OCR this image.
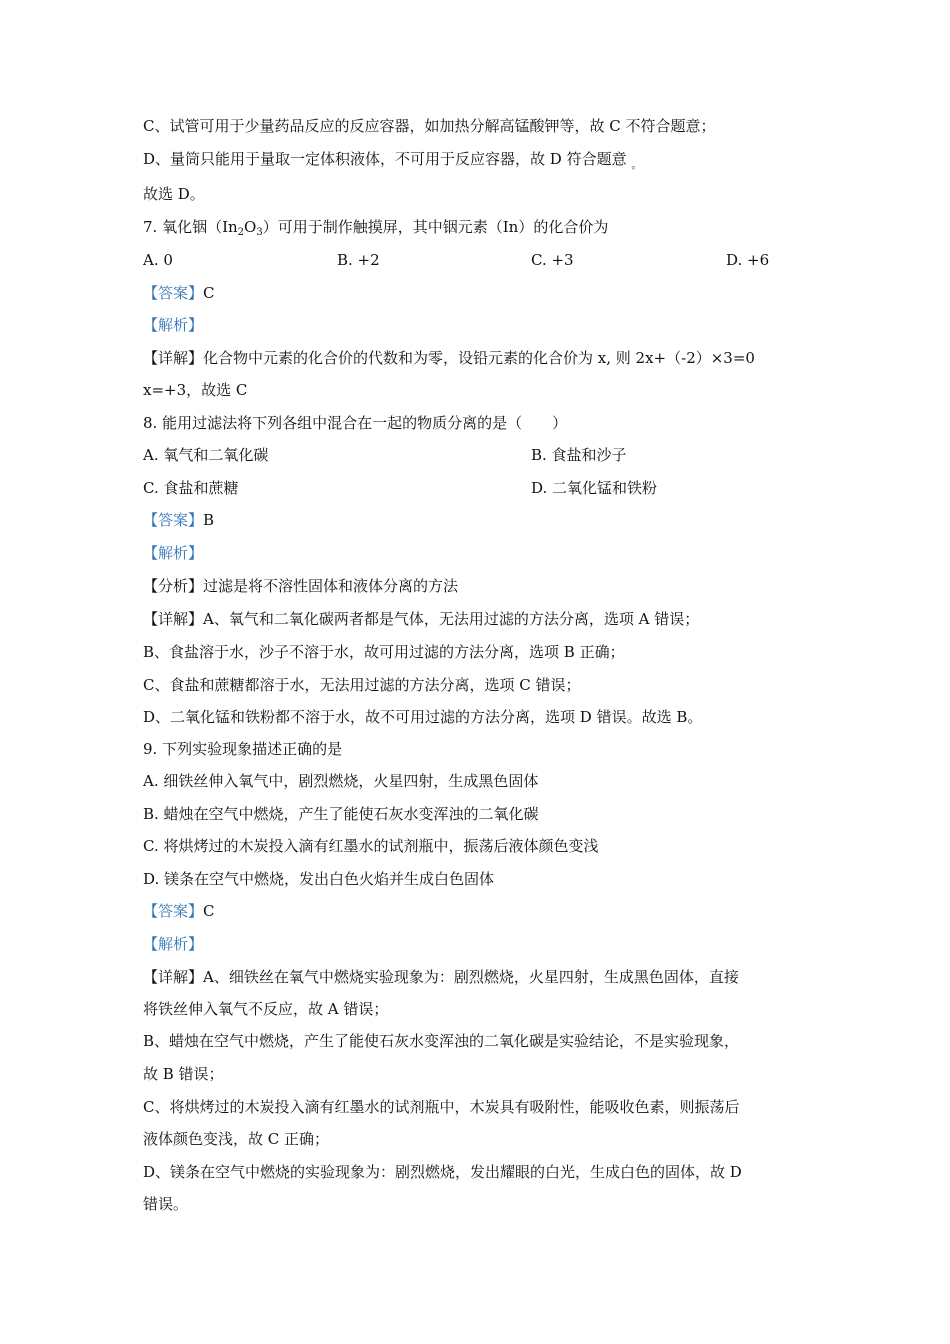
C、试管可用于少量药品反应的反应容器，如加热分解高锰酸钾等，故 C 不符合题意；
D、量筒只能用于量取一定体积液体，不可用于反应容器，故 D 符合题意 $_。$
故选 D。
7. 氧化铟$(In_2O_3)$可用于制作触摸屏，其中铟元素（In）的化合价为
A. 0	B. +2	C. +3	D. +6
【答案】C
【解析】
【详解】化合物中元素的化合价的代数和为零，设铅元素的化合价为 x, 则 2x+（-2）×3=0
x=+3，故选 C
8. 能用过滤法将下列各组中混合在一起的物质分离的是（　　）
A. 氧气和二氧化碳	B. 食盐和沙子
C. 食盐和蔗糖	D. 二氧化锰和铁粉
【答案】B
【解析】
【分析】过滤是将不溶性固体和液体分离的方法
【详解】A、氧气和二氧化碳两者都是气体，无法用过滤的方法分离，选项 A 错误；
B、食盐溶于水，沙子不溶于水，故可用过滤的方法分离，选项 B 正确；
C、食盐和蔗糖都溶于水，无法用过滤的方法分离，选项 C 错误；
D、二氧化锰和铁粉都不溶于水，故不可用过滤的方法分离，选项 D 错误。故选 B。
9. 下列实验现象描述正确的是
A. 细铁丝伸入氧气中，剧烈燃烧，火星四射，生成黑色固体
B. 蜡烛在空气中燃烧，产生了能使石灰水变浑浊的二氧化碳
C. 将烘烤过的木炭投入滴有红墨水的试剂瓶中，振荡后液体颜色变浅
D. 镁条在空气中燃烧，发出白色火焰并生成白色固体
【答案】C
【解析】
【详解】A、细铁丝在氧气中燃烧实验现象为：剧烈燃烧，火星四射，生成黑色固体，直接
将铁丝伸入氧气不反应，故 A 错误；
B、蜡烛在空气中燃烧，产生了能使石灰水变浑浊的二氧化碳是实验结论，不是实验现象，
故 B 错误；
C、将烘烤过的木炭投入滴有红墨水的试剂瓶中，木炭具有吸附性，能吸收色素，则振荡后
液体颜色变浅，故 C 正确；
D、镁条在空气中燃烧的实验现象为：剧烈燃烧，发出耀眼的白光，生成白色的固体，故 D
错误。
